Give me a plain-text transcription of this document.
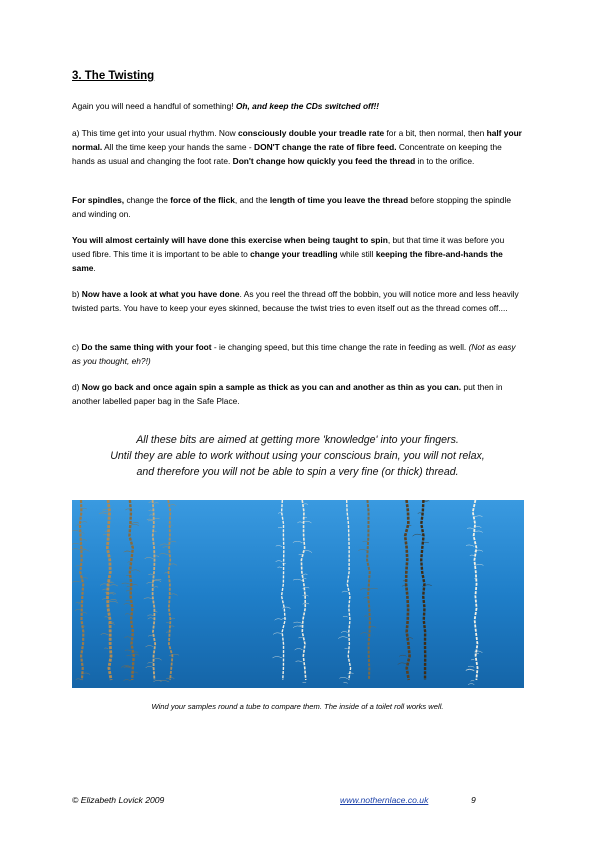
3. The Twisting

Again you will need a handful of something! Oh, and keep the CDs switched off!!

a) This time get into your usual rhythm. Now consciously double your treadle rate for a bit, then normal, then half your normal. All the time keep your hands the same - DON'T change the rate of fibre feed. Concentrate on keeping the hands as usual and changing the foot rate. Don't change how quickly you feed the thread in to the orifice.

For spindles, change the force of the flick, and the length of time you leave the thread before stopping the spindle and winding on.

You will almost certainly will have done this exercise when being taught to spin, but that time it was before you used fibre. This time it is important to be able to change your treadling while still keeping the fibre-and-hands the same.

b) Now have a look at what you have done. As you reel the thread off the bobbin, you will notice more and less heavily twisted parts. You have to keep your eyes skinned, because the twist tries to even itself out as the thread comes off....

c) Do the same thing with your foot - ie changing speed, but this time change the rate in feeding as well. (Not as easy as you thought, eh?!)

d) Now go back and once again spin a sample as thick as you can and another as thin as you can. put then in another labelled paper bag in the Safe Place.

All these bits are aimed at getting more 'knowledge' into your fingers.
Until they are able to work without using your conscious brain, you will not relax,
and therefore you will not be able to spin a very fine (or thick) thread.
Wind your samples round a tube to compare them. The inside of a toilet roll works well.
© Elizabeth Lovick 2009	www.nothernlace.co.uk	9
